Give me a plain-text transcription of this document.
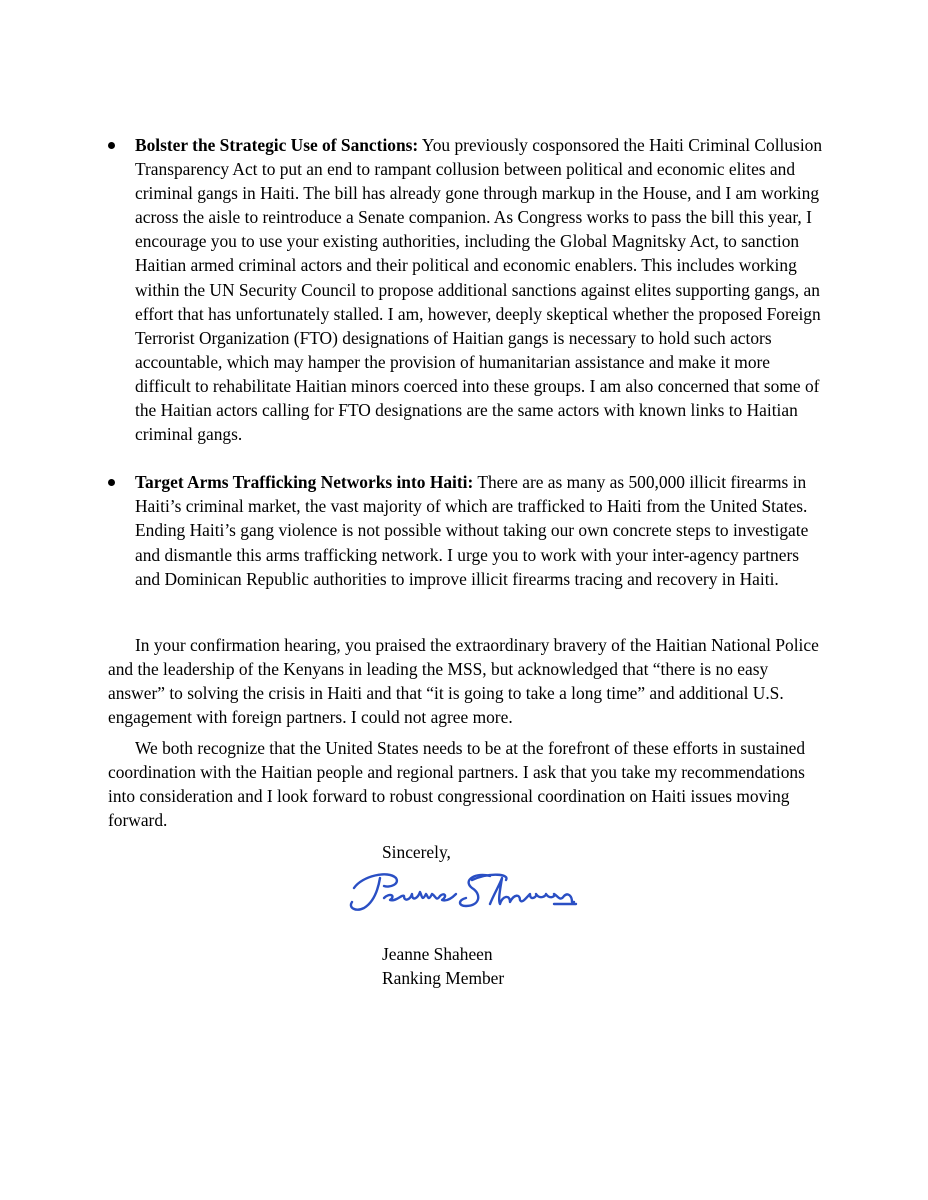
Bolster the Strategic Use of Sanctions: You previously cosponsored the Haiti Criminal Collusion Transparency Act to put an end to rampant collusion between political and economic elites and criminal gangs in Haiti. The bill has already gone through markup in the House, and I am working across the aisle to reintroduce a Senate companion. As Congress works to pass the bill this year, I encourage you to use your existing authorities, including the Global Magnitsky Act, to sanction Haitian armed criminal actors and their political and economic enablers. This includes working within the UN Security Council to propose additional sanctions against elites supporting gangs, an effort that has unfortunately stalled. I am, however, deeply skeptical whether the proposed Foreign Terrorist Organization (FTO) designations of Haitian gangs is necessary to hold such actors accountable, which may hamper the provision of humanitarian assistance and make it more difficult to rehabilitate Haitian minors coerced into these groups. I am also concerned that some of the Haitian actors calling for FTO designations are the same actors with known links to Haitian criminal gangs.
Target Arms Trafficking Networks into Haiti: There are as many as 500,000 illicit firearms in Haiti’s criminal market, the vast majority of which are trafficked to Haiti from the United States. Ending Haiti’s gang violence is not possible without taking our own concrete steps to investigate and dismantle this arms trafficking network. I urge you to work with your inter-agency partners and Dominican Republic authorities to improve illicit firearms tracing and recovery in Haiti.

In your confirmation hearing, you praised the extraordinary bravery of the Haitian National Police and the leadership of the Kenyans in leading the MSS, but acknowledged that “there is no easy answer” to solving the crisis in Haiti and that “it is going to take a long time” and additional U.S. engagement with foreign partners. I could not agree more.

We both recognize that the United States needs to be at the forefront of these efforts in sustained coordination with the Haitian people and regional partners. I ask that you take my recommendations into consideration and I look forward to robust congressional coordination on Haiti issues moving forward.

Sincerely,
Jeanne Shaheen
Ranking Member
